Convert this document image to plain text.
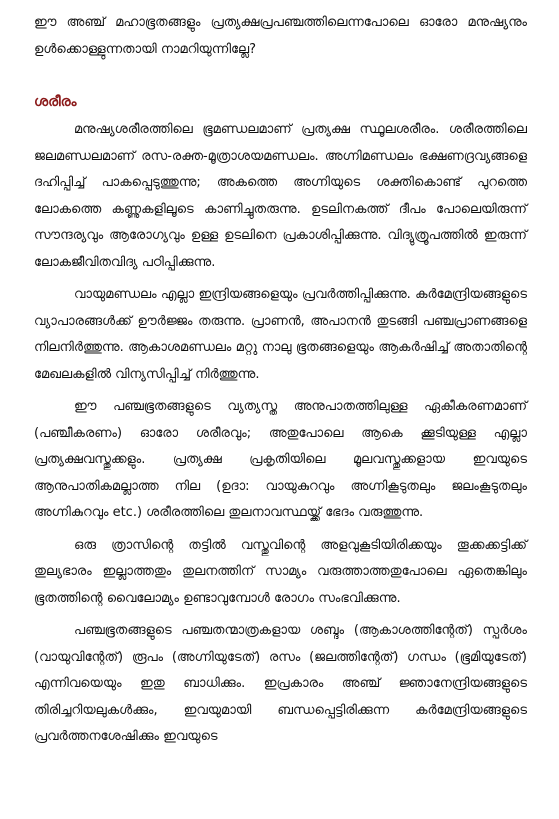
ഈ അഞ്ച് മഹാഭൂതങ്ങളും പ്രത്യക്ഷപ്രപഞ്ചത്തിലെന്നപോലെ ഓരോ മനുഷ്യനും ഉൾക്കൊള്ളുന്നതായി നാമറിയുന്നില്ലേ?

ശരീരം

മനുഷ്യശരീരത്തിലെ ഭൂമണ്ഡലമാണ് പ്രത്യക്ഷ സ്ഥൂലശരീരം. ശരീരത്തിലെ ജലമണ്ഡലമാണ് രസ-രക്ത-മൂത്രാശയമണ്ഡലം. അഗ്നിമണ്ഡലം ഭക്ഷണദ്രവ്യങ്ങളെ ദഹിപ്പിച്ച് പാകപ്പെടുത്തുന്നു; അകത്തെ അഗ്നിയുടെ ശക്തികൊണ്ട് പുറത്തെ ലോകത്തെ കണ്ണുകളിലൂടെ കാണിച്ചുതരുന്നു. ഉടലിനകത്ത് ദീപം പോലെയിരുന്ന് സൗന്ദര്യവും ആരോഗ്യവും ഉള്ള ഉടലിനെ പ്രകാശിപ്പിക്കുന്നു. വിദ്യുത്രൂപത്തിൽ ഇരുന്ന് ലോകജീവിതവിദ്യ പഠിപ്പിക്കുന്നു.

വായുമണ്ഡലം എല്ലാ ഇന്ദ്രിയങ്ങളെയും പ്രവർത്തിപ്പിക്കുന്നു. കർമേന്ദ്രിയങ്ങളുടെ വ്യാപാരങ്ങൾക്ക് ഊർജ്ജം തരുന്നു. പ്രാണൻ, അപാനൻ തുടങ്ങി പഞ്ചപ്രാണങ്ങളെ നിലനിർത്തുന്നു. ആകാശമണ്ഡലം മറ്റു നാലു ഭൂതങ്ങളെയും ആകർഷിച്ച് അതാതിന്റെ മേഖലകളിൽ വിന്യസിപ്പിച്ച് നിർത്തുന്നു.

ഈ പഞ്ചഭൂതങ്ങളുടെ വ്യത്യസ്ത അനുപാതത്തിലുള്ള ഏകീകരണമാണ് (പഞ്ചീകരണം) ഓരോ ശരീരവും; അതുപോലെ ആകെ ക്കൂടിയുള്ള എല്ലാ പ്രത്യക്ഷവസ്തുക്കളും. പ്രത്യക്ഷ പ്രകൃതിയിലെ മൂലവസ്തുക്കളായ ഇവയുടെ ആനുപാതികമല്ലാത്ത നില (ഉദാ: വായുകുറവും അഗ്നികൂടുതലും ജലംകൂടുതലും അഗ്നികുറവും etc.) ശരീരത്തിലെ തുലനാവസ്ഥയ്ക്ക് ഭേദം വരുത്തുന്നു.

ഒരു ത്രാസിന്റെ തട്ടിൽ വസ്തുവിന്റെ അളവുകൂടിയിരിക്കയും തൂക്കക്കട്ടിക്ക് തുല്യഭാരം ഇല്ലാത്തതും തുലനത്തിന് സാമ്യം വരുത്താത്തതുപോലെ ഏതെങ്കിലും ഭൂതത്തിന്റെ വൈലോമ്യം ഉണ്ടാവുമ്പോൾ രോഗം സംഭവിക്കുന്നു.

പഞ്ചഭൂതങ്ങളുടെ പഞ്ചതന്മാത്രകളായ ശബ്ദം (ആകാശത്തിന്റേത്) സ്പർശം (വായുവിന്റേത്) രൂപം (അഗ്നിയുടേത്) രസം (ജലത്തിന്റേത്) ഗന്ധം (ഭൂമിയുടേത്) എന്നിവയെയും ഇതു ബാധിക്കും. ഇപ്രകാരം അഞ്ച് ജ്ഞാനേന്ദ്രിയങ്ങളുടെ തിരിച്ചറിയലുകൾക്കും, ഇവയുമായി ബന്ധപ്പെട്ടിരിക്കുന്ന കർമേന്ദ്രിയങ്ങളുടെ പ്രവർത്തനശേഷിക്കും ഇവയുടെ
